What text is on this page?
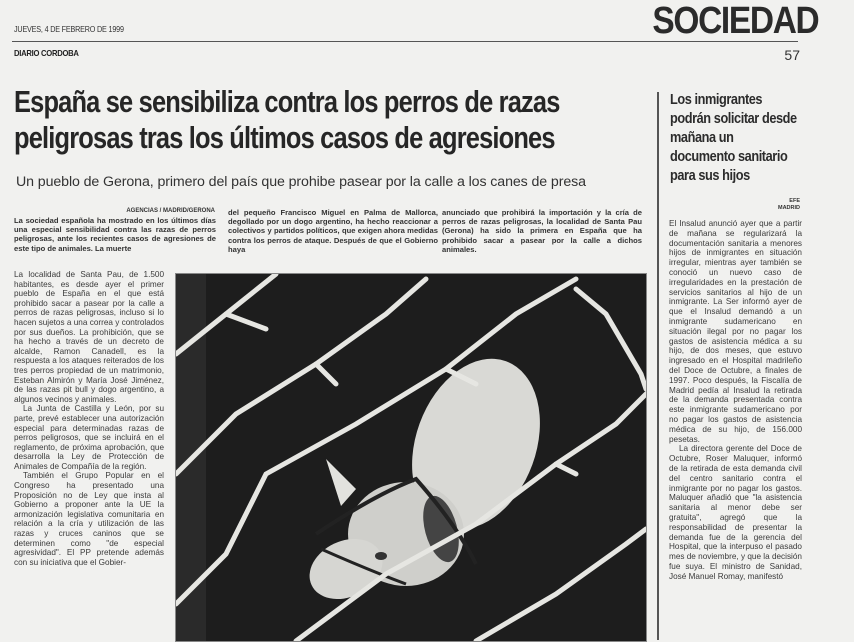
JUEVES, 4 DE FEBRERO DE 1999
DIARIO CORDOBA
SOCIEDAD
57
España se sensibiliza contra los perros de razas
peligrosas tras los últimos casos de agresiones
Un pueblo de Gerona, primero del país que prohibe pasear por la calle a los canes de presa
AGENCIAS / MADRID/GERONA
La sociedad española ha mostrado en los últimos días una especial sensibilidad contra las razas de perros peligrosas, ante los recientes casos de agresiones de este tipo de animales. La muerte
del pequeño Francisco Miguel en Palma de Mallorca, degollado por un dogo argentino, ha hecho reaccionar a colectivos y partidos políticos, que exigen ahora medidas contra los perros de ataque. Después de que el Gobierno haya
anunciado que prohibirá la importación y la cría de perros de razas peligrosas, la localidad de Santa Pau (Gerona) ha sido la primera en España que ha prohibido sacar a pasear por la calle a dichos animales.

La localidad de Santa Pau, de 1.500 habitantes, es desde ayer el primer pueblo de España en el que está prohibido sacar a pasear por la calle a perros de razas peligrosas, incluso si lo hacen sujetos a una correa y controlados por sus dueños. La prohibición, que se ha hecho a través de un decreto de alcalde, Ramon Canadell, es la respuesta a los ataques reiterados de los tres perros propiedad de un matrimonio, Esteban Almirón y María José Jiménez, de las razas pit bull y dogo argentino, a algunos vecinos y animales.

La Junta de Castilla y León, por su parte, prevé establecer una autorización especial para determinadas razas de perros peligrosos, que se incluirá en el reglamento, de próxima aprobación, que desarrolla la Ley de Protección de Animales de Compañía de la región.

También el Grupo Popular en el Congreso ha presentado una Proposición no de Ley que insta al Gobierno a proponer ante la UE la armonización legislativa comunitaria en relación a la cría y utilización de las razas y cruces caninos que se determinen como "de especial agresividad". El PP pretende además con su iniciativa que el Gobier-

Los inmigrantes podrán solicitar desde mañana un documento sanitario para sus hijos
EFE
MADRID

El Insalud anunció ayer que a partir de mañana se regularizará la documentación sanitaria a menores hijos de inmigrantes en situación irregular, mientras ayer también se conoció un nuevo caso de irregularidades en la prestación de servicios sanitarios al hijo de un inmigrante. La Ser informó ayer de que el Insalud demandó a un inmigrante sudamericano en situación ilegal por no pagar los gastos de asistencia médica a su hijo, de dos meses, que estuvo ingresado en el Hospital madrileño del Doce de Octubre, a finales de 1997. Poco después, la Fiscalía de Madrid pedía al Insalud la retirada de la demanda presentada contra este inmigrante sudamericano por no pagar los gastos de asistencia médica de su hijo, de 156.000 pesetas.

La directora gerente del Doce de Octubre, Roser Maluquer, informó de la retirada de esta demanda civil del centro sanitario contra el inmigrante por no pagar los gastos. Maluquer añadió que "la asistencia sanitaria al menor debe ser gratuita", agregó que la responsabilidad de presentar la demanda fue de la gerencia del Hospital, que la interpuso el pasado mes de noviembre, y que la decisión fue suya. El ministro de Sanidad, José Manuel Romay, manifestó
